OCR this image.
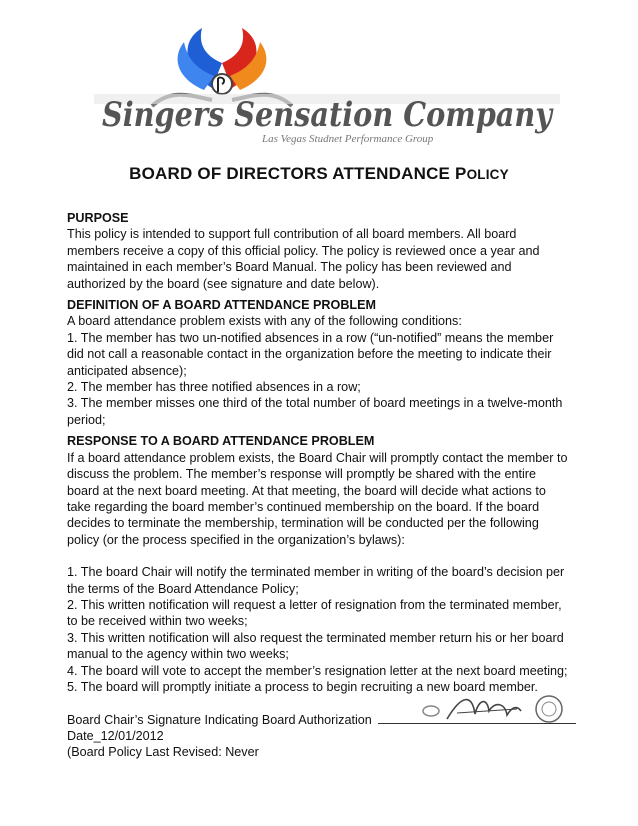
Singers Sensation Company
Las Vegas Studnet Performance Group
BOARD OF DIRECTORS ATTENDANCE POLICY

PURPOSE

This policy is intended to support full contribution of all board members. All board

members receive a copy of this official policy. The policy is reviewed once a year and

maintained in each member’s Board Manual. The policy has been reviewed and

authorized by the board (see signature and date below).

DEFINITION OF A BOARD ATTENDANCE PROBLEM

A board attendance problem exists with any of the following conditions:

1. The member has two un-notified absences in a row (“un-notified” means the member

did not call a reasonable contact in the organization before the meeting to indicate their

anticipated absence);

2. The member has three notified absences in a row;

3. The member misses one third of the total number of board meetings in a twelve-month

period;

RESPONSE TO A BOARD ATTENDANCE PROBLEM

If a board attendance problem exists, the Board Chair will promptly contact the member to

discuss the problem. The member’s response will promptly be shared with the entire

board at the next board meeting. At that meeting, the board will decide what actions to

take regarding the board member’s continued membership on the board. If the board

decides to terminate the membership, termination will be conducted per the following

policy (or the process specified in the organization’s bylaws):

1. The board Chair will notify the terminated member in writing of the board’s decision per

the terms of the Board Attendance Policy;

2. This written notification will request a letter of resignation from the terminated member,

to be received within two weeks;

3. This written notification will also request the terminated member return his or her board

manual to the agency within two weeks;

4. The board will vote to accept the member’s resignation letter at the next board meeting;

5. The board will promptly initiate a process to begin recruiting a new board member.

Board Chair’s Signature Indicating Board Authorization

Date_12/01/2012

(Board Policy Last Revised: Never
